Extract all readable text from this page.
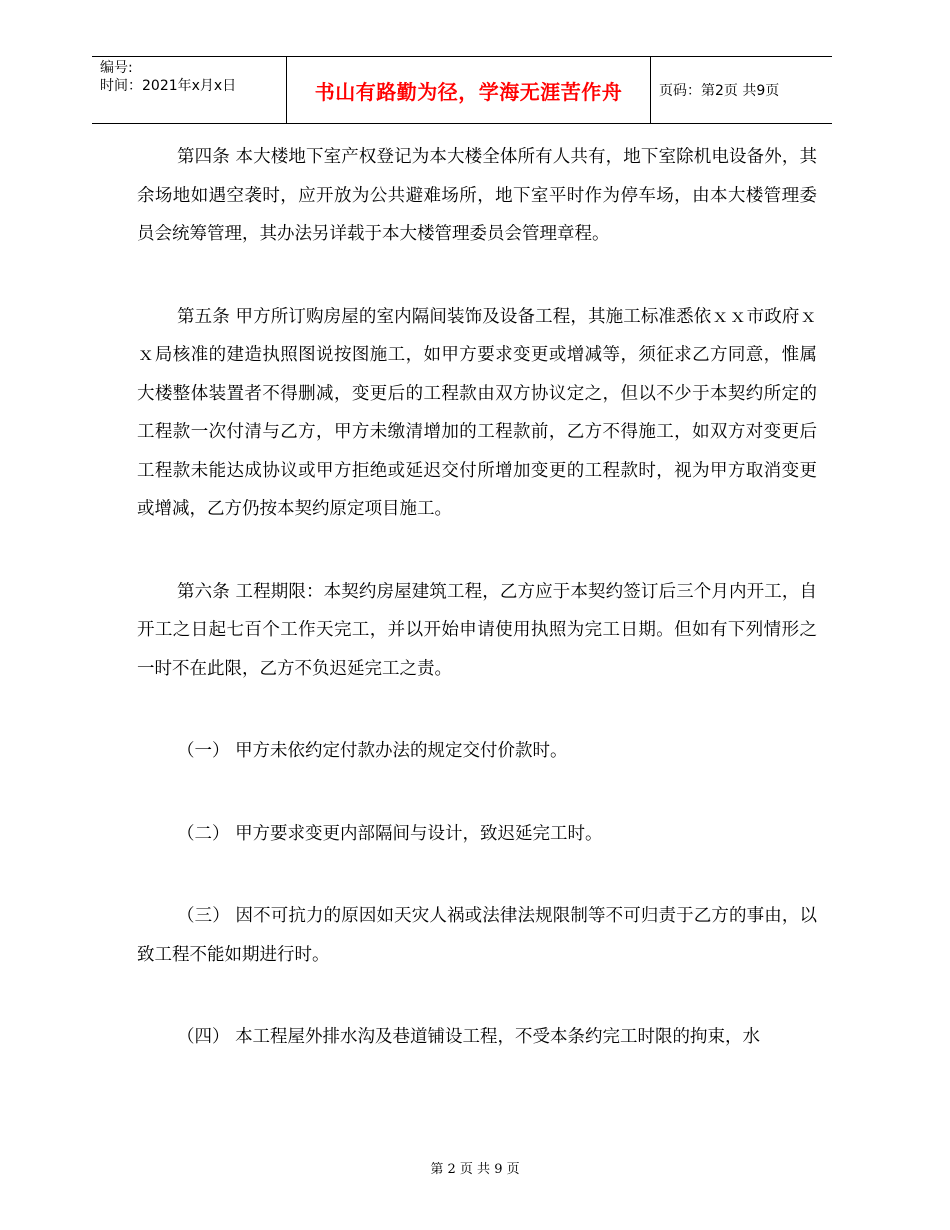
编号:
时间：2021年x月x日	书山有路勤为径，学海无涯苦作舟	页码：第2页 共9页

第四条 本大楼地下室产权登记为本大楼全体所有人共有，地下室除机电设备外，其余场地如遇空袭时，应开放为公共避难场所，地下室平时作为停车场，由本大楼管理委员会统筹管理，其办法另详载于本大楼管理委员会管理章程。

第五条 甲方所订购房屋的室内隔间装饰及设备工程，其施工标准悉依ｘｘ市政府ｘｘ局核准的建造执照图说按图施工，如甲方要求变更或增减等，须征求乙方同意，惟属大楼整体装置者不得删减，变更后的工程款由双方协议定之，但以不少于本契约所定的工程款一次付清与乙方，甲方未缴清增加的工程款前，乙方不得施工，如双方对变更后工程款未能达成协议或甲方拒绝或延迟交付所增加变更的工程款时，视为甲方取消变更或增减，乙方仍按本契约原定项目施工。

第六条 工程期限：本契约房屋建筑工程，乙方应于本契约签订后三个月内开工，自开工之日起七百个工作天完工，并以开始申请使用执照为完工日期。但如有下列情形之一时不在此限，乙方不负迟延完工之责。

（一） 甲方未依约定付款办法的规定交付价款时。

（二） 甲方要求变更内部隔间与设计，致迟延完工时。

（三） 因不可抗力的原因如天灾人祸或法律法规限制等不可归责于乙方的事由，以致工程不能如期进行时。

（四） 本工程屋外排水沟及巷道铺设工程，不受本条约完工时限的拘束，水

第 2 页 共 9 页
